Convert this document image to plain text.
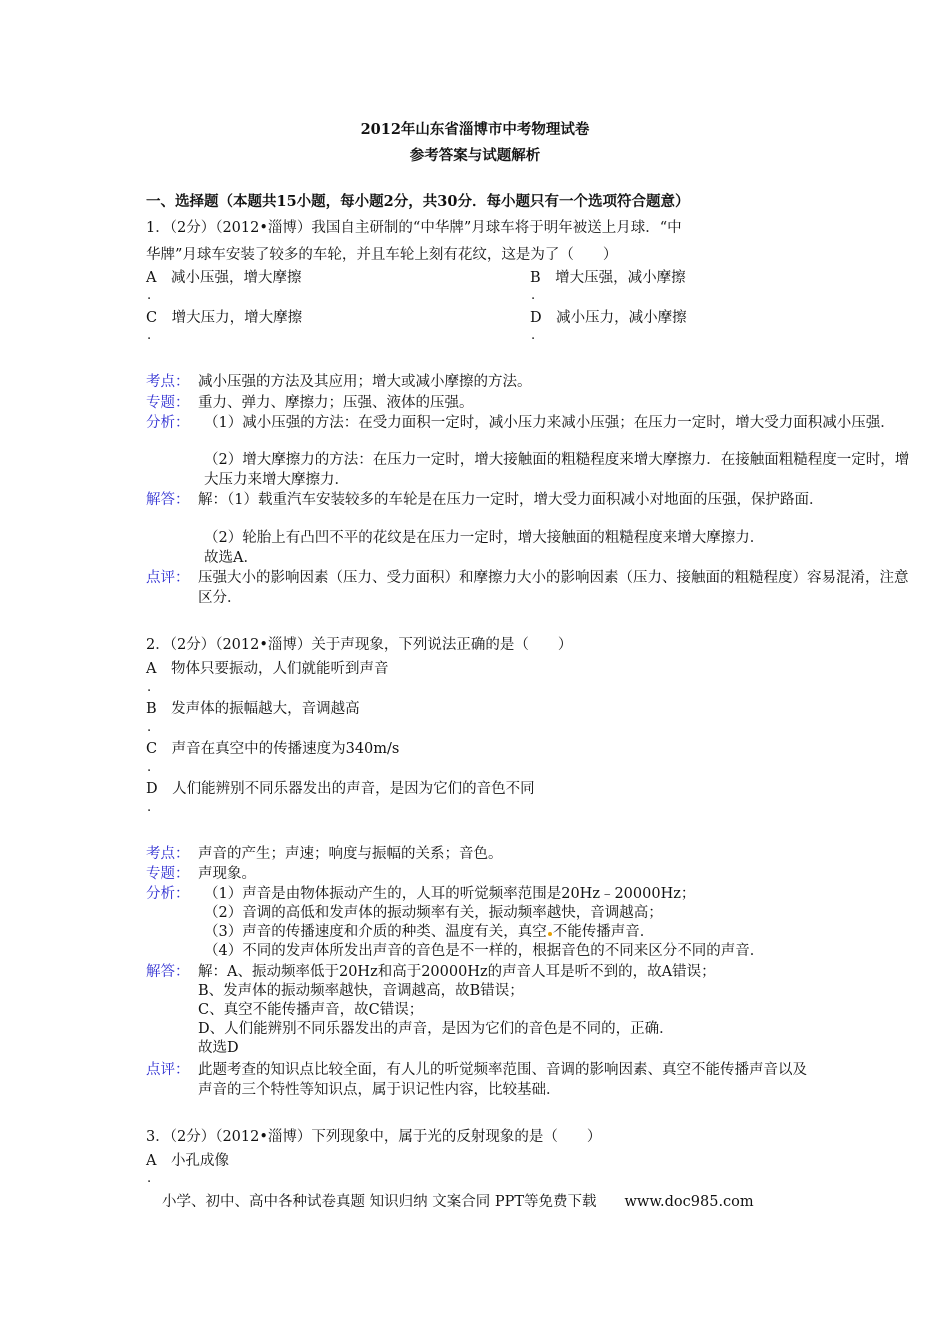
2012年山东省淄博市中考物理试卷
参考答案与试题解析
一、选择题（本题共15小题，每小题2分，共30分．每小题只有一个选项符合题意）
1．（2分）（2012•淄博）我国自主研制的“中华牌”月球车将于明年被送上月球．“中
华牌”月球车安装了较多的车轮，并且车轮上刻有花纹，这是为了（　　）
A　减小压强，增大摩擦
.
B　增大压强，减小摩擦
.
C　增大压力，增大摩擦
.
D　减小压力，减小摩擦
.
考点： 减小压强的方法及其应用；增大或减小摩擦的方法。
专题： 重力、弹力、摩擦力；压强、液体的压强。
分析： （1）减小压强的方法：在受力面积一定时，减小压力来减小压强；在压力一定时，增大受力面积减小压强．
（2）增大摩擦力的方法：在压力一定时，增大接触面的粗糙程度来增大摩擦力．在接触面粗糙程度一定时，增大压力来增大摩擦力．
解答： 解：（1）载重汽车安装较多的车轮是在压力一定时，增大受力面积减小对地面的压强，保护路面．
（2）轮胎上有凸凹不平的花纹是在压力一定时，增大接触面的粗糙程度来增大摩擦力．
故选A．
点评： 压强大小的影响因素（压力、受力面积）和摩擦力大小的影响因素（压力、接触面的粗糙程度）容易混淆，注意区分．
2．（2分）（2012•淄博）关于声现象，下列说法正确的是（　　）
A　物体只要振动，人们就能听到声音
.
B　发声体的振幅越大，音调越高
.
C　声音在真空中的传播速度为340m/s
.
D　人们能辨别不同乐器发出的声音，是因为它们的音色不同
.
考点： 声音的产生；声速；响度与振幅的关系；音色。
专题： 声现象。
分析： （1）声音是由物体振动产生的，人耳的听觉频率范围是20Hz﹣20000Hz；
（2）音调的高低和发声体的振动频率有关，振动频率越快，音调越高；
（3）声音的传播速度和介质的种类、温度有关，真空 不能传播声音．
（4）不同的发声体所发出声音的音色是不一样的，根据音色的不同来区分不同的声音．
解答： 解：A、振动频率低于20Hz和高于20000Hz的声音人耳是听不到的，故A错误；
B、发声体的振动频率越快，音调越高，故B错误；
C、真空不能传播声音，故C错误；
D、人们能辨别不同乐器发出的声音，是因为它们的音色是不同的，正确．
故选D
点评： 此题考查的知识点比较全面，有人儿的听觉频率范围、音调的影响因素、真空不能传播声音以及
声音的三个特性等知识点，属于识记性内容，比较基础．
3．（2分）（2012•淄博）下列现象中，属于光的反射现象的是（　　）
A　小孔成像
.
小学、初中、高中各种试卷真题 知识归纳 文案合同 PPT等免费下载 www.doc985.com
